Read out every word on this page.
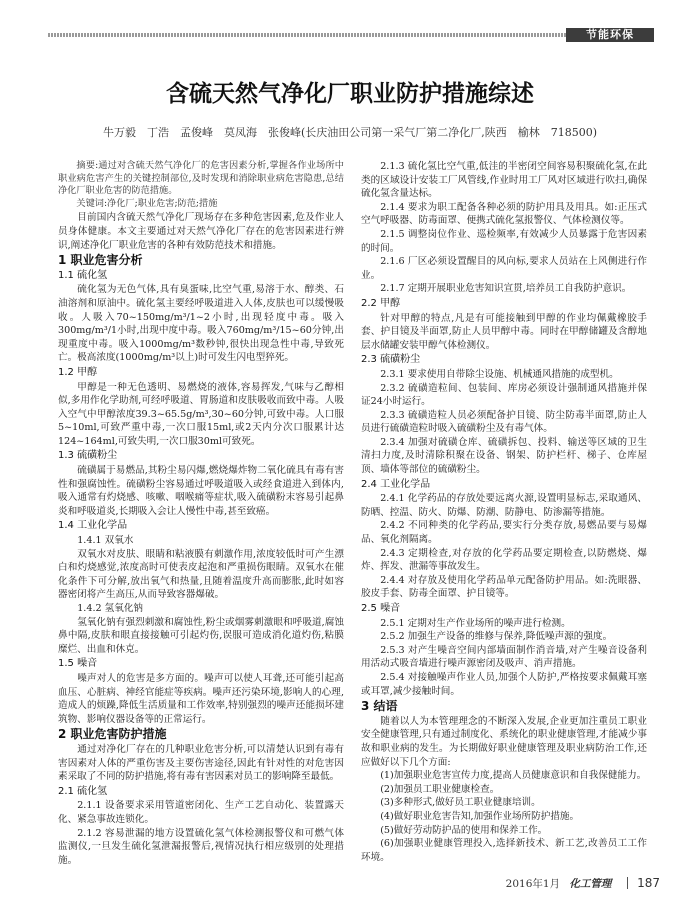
节能环保
含硫天然气净化厂职业防护措施综述
牛万毅　丁浩　孟俊峰　莫凤海　张俊峰(长庆油田公司第一采气厂第二净化厂,陕西　榆林　718500)

摘要:通过对含硫天然气净化厂的危害因素分析,掌握各作业场所中职业病危害产生的关键控制部位,及时发现和消除职业病危害隐患,总结净化厂职业危害的防范措施。

关键词:净化厂;职业危害;防范;措施

目前国内含硫天然气净化厂现场存在多种危害因素,危及作业人员身体健康。本文主要通过对天然气净化厂存在的危害因素进行辨识,阐述净化厂职业危害的各种有效防范技术和措施。

1 职业危害分析
1.1 硫化氢

硫化氢为无色气体,具有臭蛋味,比空气重,易溶于水、醇类、石油溶剂和原油中。硫化氢主要经呼吸道进入人体,皮肤也可以缓慢吸收。人吸入70~150mg/m³/1~2小时,出现轻度中毒。吸入300mg/m³/1小时,出现中度中毒。吸入760mg/m³/15~60分钟,出现重度中毒。吸入1000mg/m³数秒钟,很快出现急性中毒,导致死亡。极高浓度(1000mg/m³以上)时可发生闪电型猝死。

1.2 甲醇

甲醇是一种无色透明、易燃烧的液体,容易挥发,气味与乙醇相似,多用作化学助剂,可经呼吸道、胃肠道和皮肤吸收而致中毒。人吸入空气中甲醇浓度39.3~65.5g/m³,30~60分钟,可致中毒。人口服5~10ml,可致严重中毒,一次口服15ml,或2天内分次口服累计达124~164ml,可致失明,一次口服30ml可致死。

1.3 硫磺粉尘

硫磺属于易燃品,其粉尘易闪爆,燃烧爆炸物二氧化硫具有毒有害性和强腐蚀性。硫磺粉尘容易通过呼吸道吸入或经食道进入到体内,吸入通常有灼烧感、咳嗽、咽喉痛等症状,吸入硫磺粉末容易引起鼻炎和呼吸道炎,长期吸入会让人慢性中毒,甚至致癌。

1.4 工业化学品

1.4.1 双氧水

双氧水对皮肤、眼睛和粘液膜有刺激作用,浓度较低时可产生漂白和灼烧感觉,浓度高时可使表皮起泡和严重损伤眼睛。双氧水在催化条件下可分解,放出氧气和热量,且随着温度升高而膨胀,此时如容器密闭将产生高压,从而导致容器爆破。

1.4.2 氢氧化钠

氢氧化钠有强烈刺激和腐蚀性,粉尘或烟雾刺激眼和呼吸道,腐蚀鼻中隔,皮肤和眼直接接触可引起灼伤,误服可造成消化道灼伤,粘膜糜烂、出血和休克。

1.5 噪音

噪声对人的危害是多方面的。噪声可以使人耳聋,还可能引起高血压、心脏病、神经官能症等疾病。噪声还污染环境,影响人的心理,造成人的烦躁,降低生活质量和工作效率,特别强烈的噪声还能损坏建筑物、影响仪器设备等的正常运行。

2 职业危害防护措施

通过对净化厂存在的几种职业危害分析,可以清楚认识到有毒有害因素对人体的严重伤害及主要伤害途径,因此有针对性的对危害因素采取了不同的防护措施,将有毒有害因素对员工的影响降至最低。

2.1 硫化氢

2.1.1 设备要求采用管道密闭化、生产工艺自动化、装置露天化、紧急事故连锁化。

2.1.2 容易泄漏的地方设置硫化氢气体检测报警仪和可燃气体监测仪,一旦发生硫化氢泄漏报警后,视情况执行相应级别的处理措施。

2.1.3 硫化氢比空气重,低洼的半密闭空间容易积聚硫化氢,在此类的区域设计安装工厂风管线,作业时用工厂风对区域进行吹扫,确保硫化氢含量达标。

2.1.4 要求为职工配备各种必须的防护用具及用具。如:正压式空气呼吸器、防毒面罩、便携式硫化氢报警仪、气体检测仪等。

2.1.5 调整岗位作业、巡检频率,有效减少人员暴露于危害因素的时间。

2.1.6 厂区必须设置醒目的风向标,要求人员站在上风侧进行作业。

2.1.7 定期开展职业危害知识宣贯,培养员工自我防护意识。

2.2 甲醇

针对甲醇的特点,凡是有可能接触到甲醇的作业均佩戴橡胶手套、护目镜及半面罩,防止人员甲醇中毒。同时在甲醇储罐及含醇地层水储罐安装甲醇气体检测仪。

2.3 硫磺粉尘

2.3.1 要求使用自带除尘设施、机械通风措施的成型机。

2.3.2 硫磺造粒间、包装间、库房必须设计强制通风措施并保证24小时运行。

2.3.3 硫磺造粒人员必须配备护目镜、防尘防毒半面罩,防止人员进行硫磺造粒时吸入硫磺粉尘及有毒气体。

2.3.4 加强对硫磺仓库、硫磺拆包、投料、输送等区域的卫生清扫力度,及时清除积聚在设备、钢架、防护栏杆、梯子、仓库屋顶、墙体等部位的硫磺粉尘。

2.4 工业化学品

2.4.1 化学药品的存放处要远离火源,设置明显标志,采取通风、防晒、控温、防火、防爆、防潮、防静电、防渗漏等措施。

2.4.2 不同种类的化学药品,要实行分类存放,易燃品要与易爆品、氧化剂隔离。

2.4.3 定期检查,对存放的化学药品要定期检查,以防燃烧、爆炸、挥发、泄漏等事故发生。

2.4.4 对存放及使用化学药品单元配备防护用品。如:洗眼器、胶皮手套、防毒全面罩、护目镜等。

2.5 噪音

2.5.1 定期对生产作业场所的噪声进行检测。

2.5.2 加强生产设备的维修与保养,降低噪声源的强度。

2.5.3 对产生噪音空间内部墙面制作消音墙,对产生噪音设备利用活动式吸音墙进行噪声源密闭及吸声、消声措施。

2.5.4 对接触噪声作业人员,加强个人防护,严格按要求佩戴耳塞或耳罩,减少接触时间。

3 结语

随着以人为本管理理念的不断深入发展,企业更加注重员工职业安全健康管理,只有通过制度化、系统化的职业健康管理,才能减少事故和职业病的发生。为长期做好职业健康管理及职业病防治工作,还应做好以下几个方面:

(1)加强职业危害宣传力度,提高人员健康意识和自我保健能力。

(2)加强员工职业健康检查。

(3)多种形式,做好员工职业健康培训。

(4)做好职业危害告知,加强作业场所防护措施。

(5)做好劳动防护品的使用和保养工作。

(6)加强职业健康管理投入,选择新技术、新工艺,改善员工工作环境。

2016年1月 化工管理 187
